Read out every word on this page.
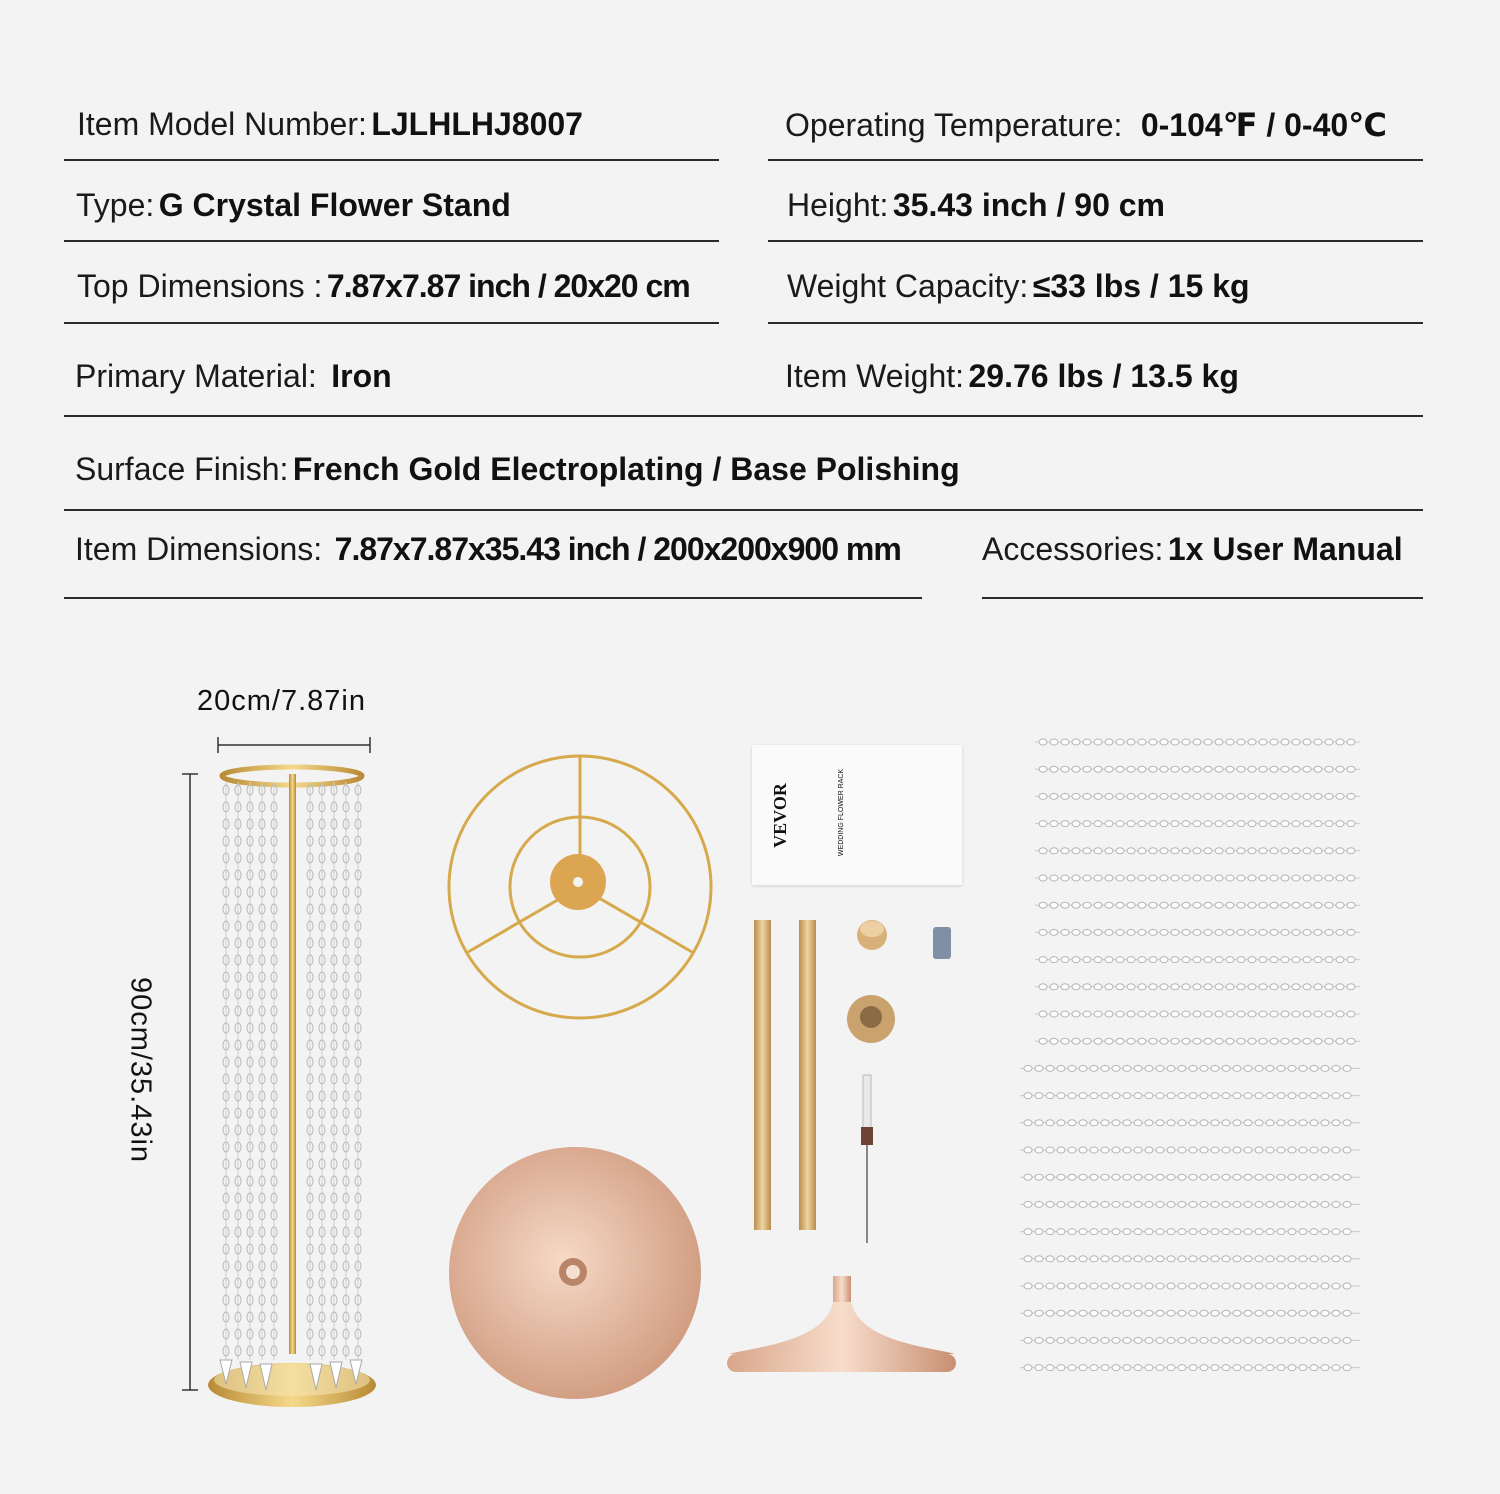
Item Model Number: LJLHLHJ8007	Operating Temperature: 0-104℉ / 0-40℃
Type: G Crystal Flower Stand	Height: 35.43 inch / 90 cm
Top Dimensions : 7.87x7.87 inch / 20x20 cm	Weight Capacity: ≤33 lbs / 15 kg
Primary Material: Iron	Item Weight: 29.76 lbs / 13.5 kg
Surface Finish: French Gold Electroplating / Base Polishing
Item Dimensions: 7.87x7.87x35.43 inch / 200x200x900 mm	Accessories: 1x User Manual
20cm/7.87in
90cm/35.43in
VEVOR	WEDDING FLOWER RACK
